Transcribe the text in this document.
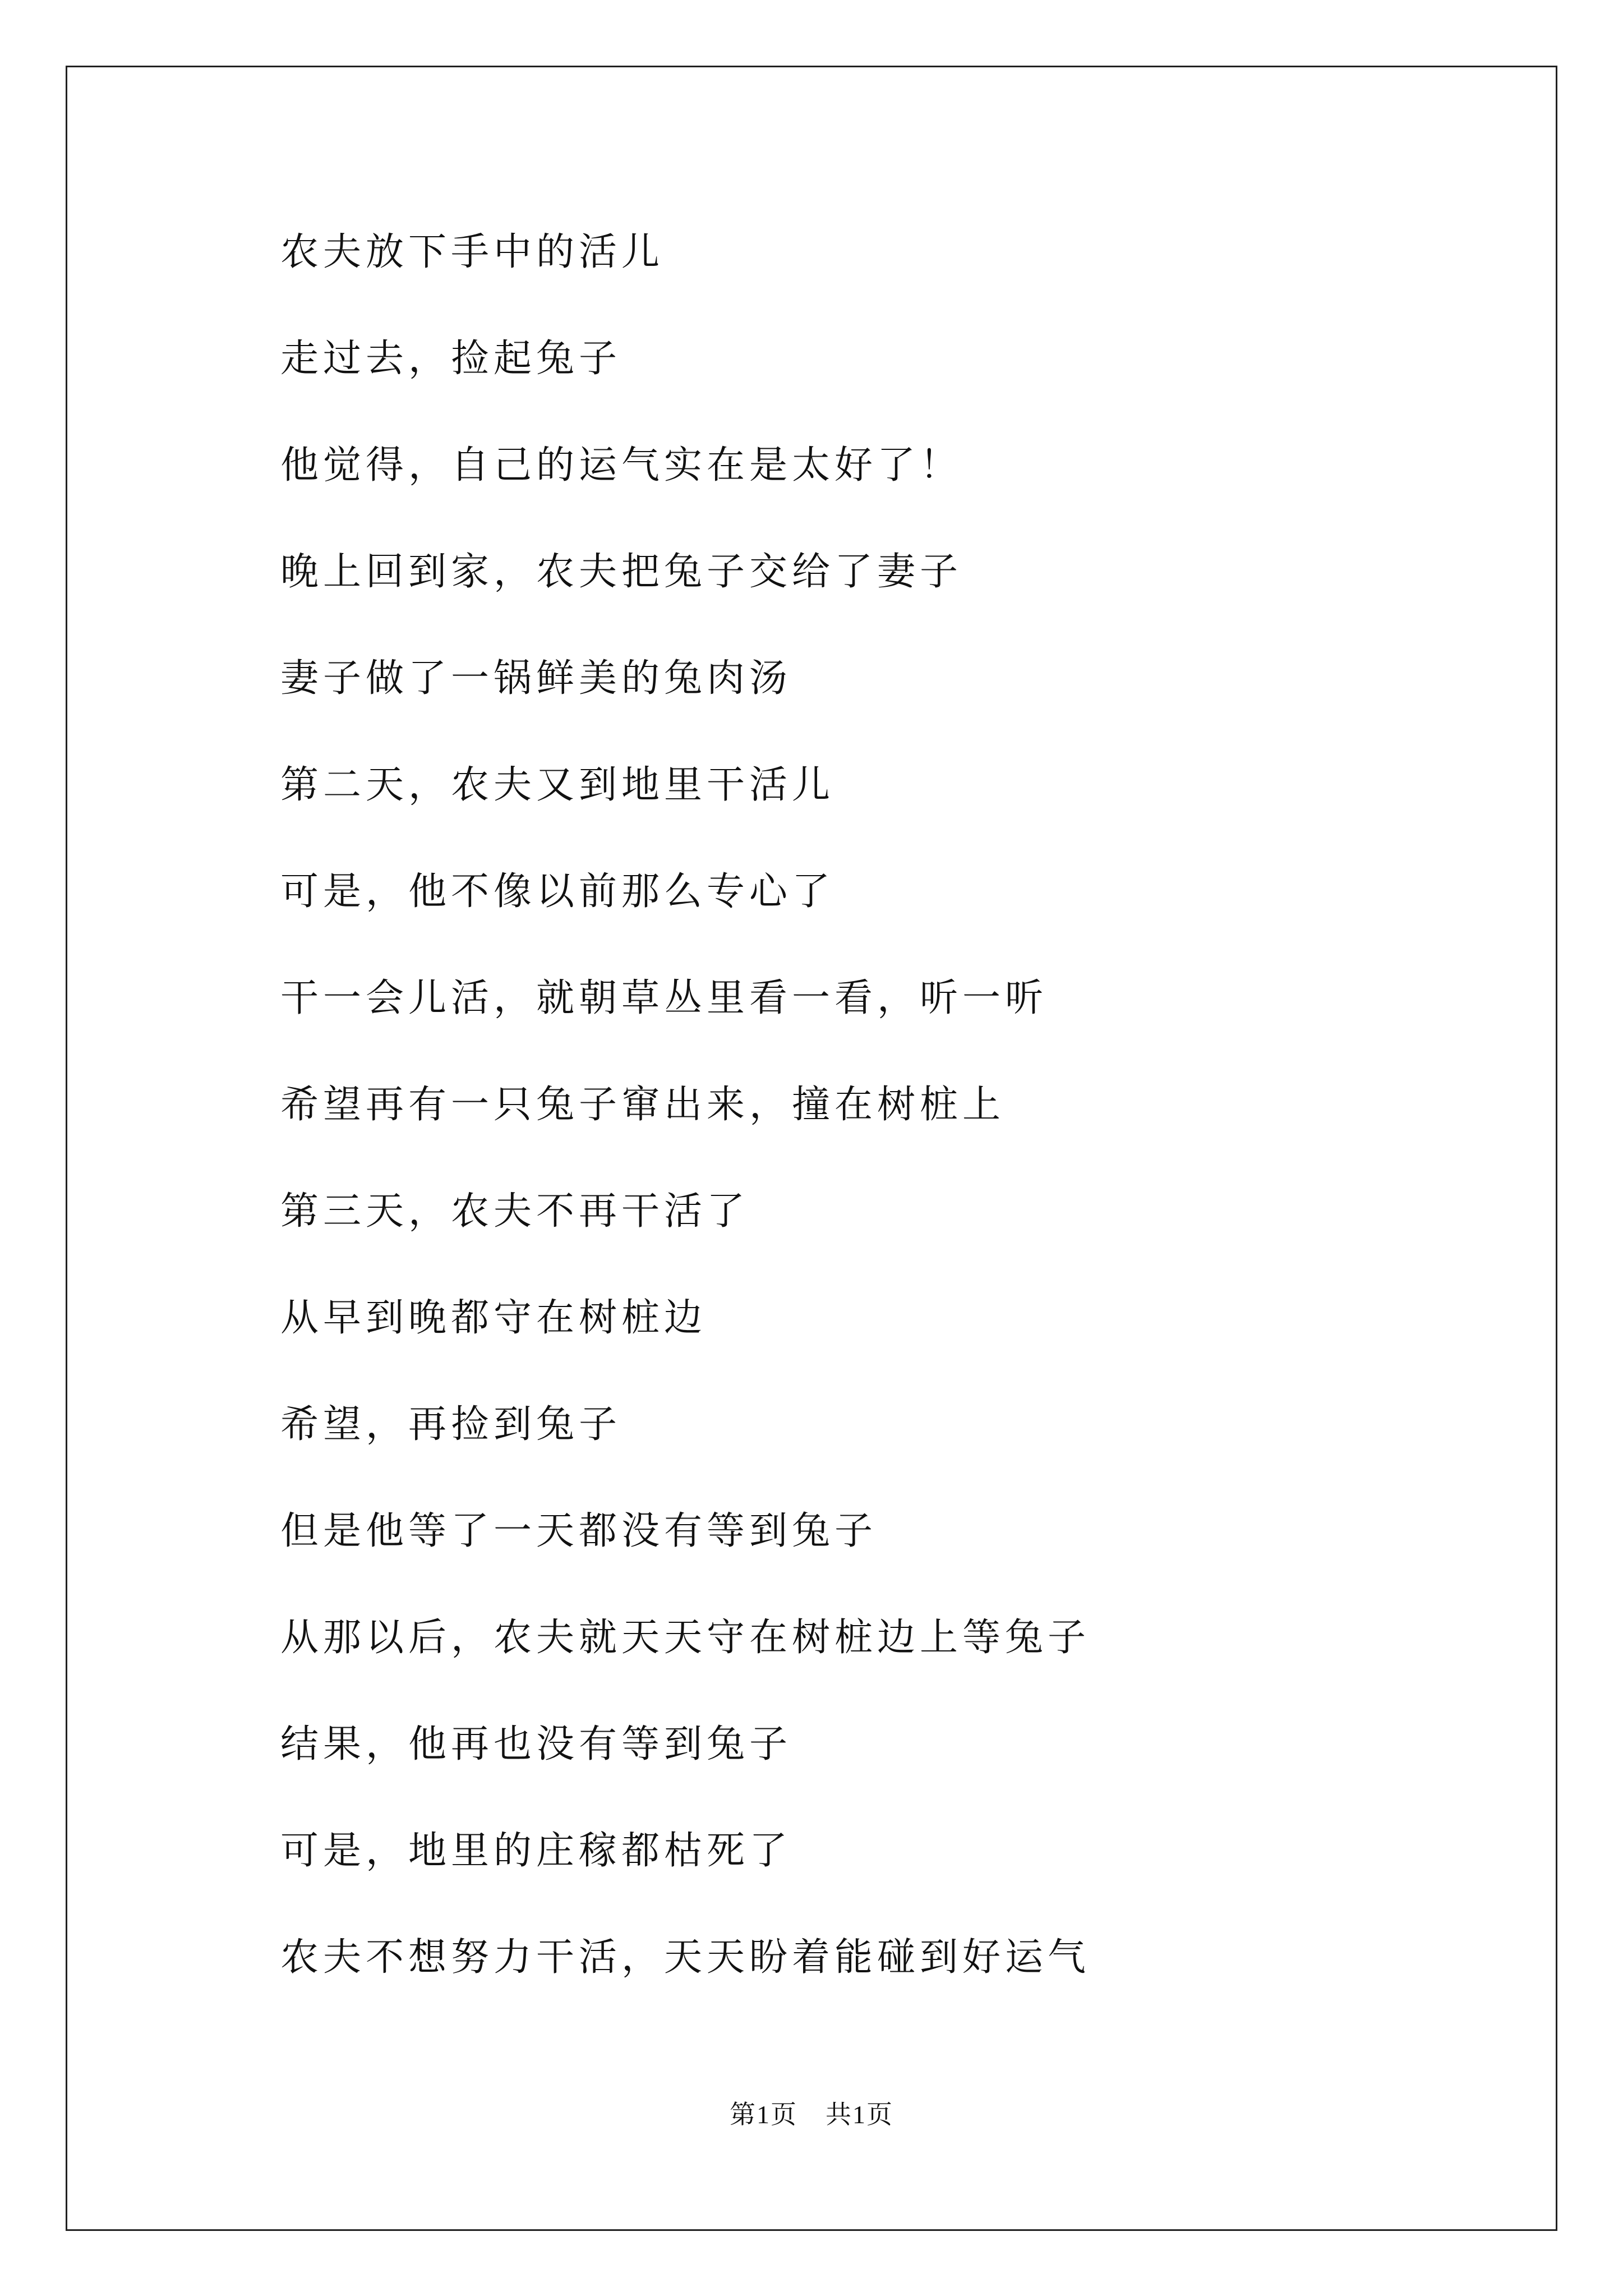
农夫放下手中的活儿
走过去，捡起兔子
他觉得，自己的运气实在是太好了！
晚上回到家，农夫把兔子交给了妻子
妻子做了一锅鲜美的兔肉汤
第二天，农夫又到地里干活儿
可是，他不像以前那么专心了
干一会儿活，就朝草丛里看一看，听一听
希望再有一只兔子窜出来，撞在树桩上
第三天，农夫不再干活了
从早到晚都守在树桩边
希望，再捡到兔子
但是他等了一天都没有等到兔子
从那以后，农夫就天天守在树桩边上等兔子
结果，他再也没有等到兔子
可是，地里的庄稼都枯死了
农夫不想努力干活，天天盼着能碰到好运气
第1页 共1页
